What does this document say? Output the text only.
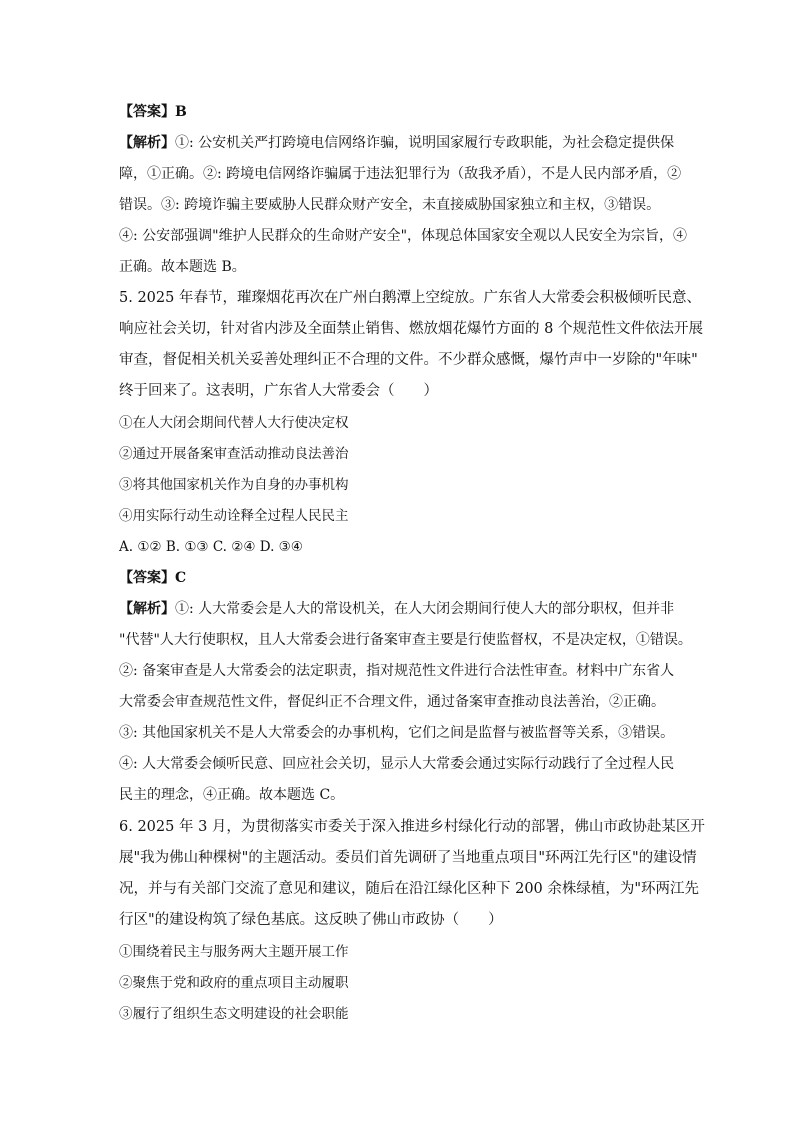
【答案】B
【解析】①: 公安机关严打跨境电信网络诈骗，说明国家履行专政职能，为社会稳定提供保
障，①正确。②: 跨境电信网络诈骗属于违法犯罪行为（敌我矛盾），不是人民内部矛盾，②
错误。③: 跨境诈骗主要威胁人民群众财产安全，未直接威胁国家独立和主权，③错误。
④: 公安部强调"维护人民群众的生命财产安全"，体现总体国家安全观以人民安全为宗旨，④
正确。故本题选 B。
5. 2025 年春节，璀璨烟花再次在广州白鹅潭上空绽放。广东省人大常委会积极倾听民意、
响应社会关切，针对省内涉及全面禁止销售、燃放烟花爆竹方面的 8 个规范性文件依法开展
审查，督促相关机关妥善处理纠正不合理的文件。不少群众感慨，爆竹声中一岁除的"年味"
终于回来了。这表明，广东省人大常委会（　　）
①在人大闭会期间代替人大行使决定权
②通过开展备案审查活动推动良法善治
③将其他国家机关作为自身的办事机构
④用实际行动生动诠释全过程人民民主
A. ①② B. ①③ C. ②④ D. ③④
【答案】C
【解析】①: 人大常委会是人大的常设机关，在人大闭会期间行使人大的部分职权，但并非
"代替"人大行使职权，且人大常委会进行备案审查主要是行使监督权，不是决定权，①错误。
②: 备案审查是人大常委会的法定职责，指对规范性文件进行合法性审查。材料中广东省人
大常委会审查规范性文件，督促纠正不合理文件，通过备案审查推动良法善治，②正确。
③: 其他国家机关不是人大常委会的办事机构，它们之间是监督与被监督等关系，③错误。
④: 人大常委会倾听民意、回应社会关切，显示人大常委会通过实际行动践行了全过程人民
民主的理念，④正确。故本题选 C。
6. 2025 年 3 月，为贯彻落实市委关于深入推进乡村绿化行动的部署，佛山市政协赴某区开
展"我为佛山种棵树"的主题活动。委员们首先调研了当地重点项目"环两江先行区"的建设情
况，并与有关部门交流了意见和建议，随后在沿江绿化区种下 200 余株绿植，为"环两江先
行区"的建设构筑了绿色基底。这反映了佛山市政协（　　）
①围绕着民主与服务两大主题开展工作
②聚焦于党和政府的重点项目主动履职
③履行了组织生态文明建设的社会职能
